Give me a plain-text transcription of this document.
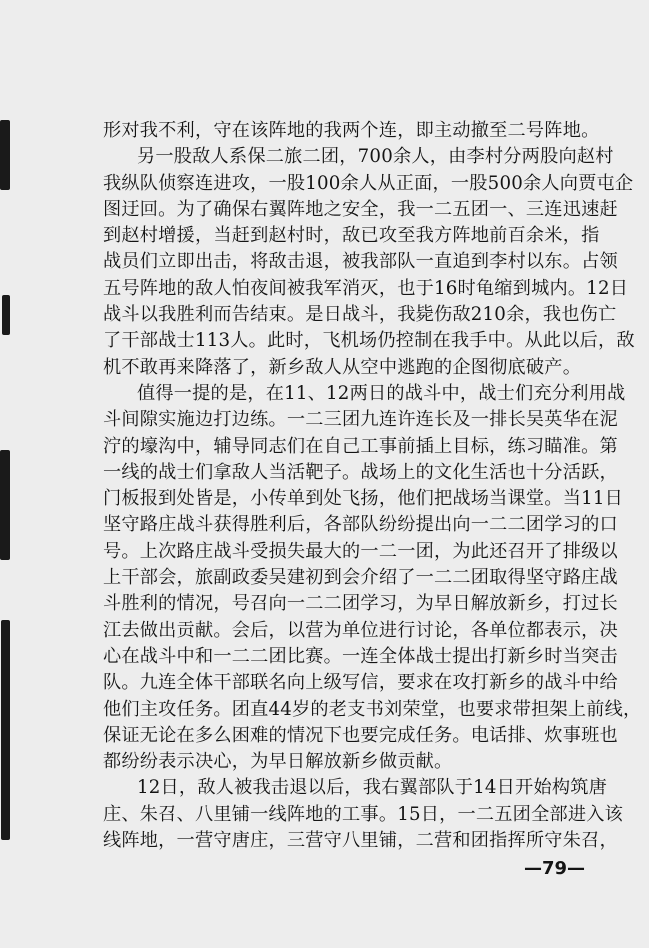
形对我不利，守在该阵地的我两个连，即主动撤至二号阵地。
另一股敌人系保二旅二团，700余人，由李村分两股向赵村
我纵队侦察连进攻，一股100余人从正面，一股500余人向贾屯企
图迂回。为了确保右翼阵地之安全，我一二五团一、三连迅速赶
到赵村增援，当赶到赵村时，敌已攻至我方阵地前百余米，指
战员们立即出击，将敌击退，被我部队一直追到李村以东。占领
五号阵地的敌人怕夜间被我军消灭，也于16时龟缩到城内。12日
战斗以我胜利而告结束。是日战斗，我毙伤敌210余，我也伤亡
了干部战士113人。此时，飞机场仍控制在我手中。从此以后，敌
机不敢再来降落了，新乡敌人从空中逃跑的企图彻底破产。
值得一提的是，在11、12两日的战斗中，战士们充分利用战
斗间隙实施边打边练。一二三团九连许连长及一排长吴英华在泥
泞的壕沟中，辅导同志们在自己工事前插上目标，练习瞄准。第
一线的战士们拿敌人当活靶子。战场上的文化生活也十分活跃，
门板报到处皆是，小传单到处飞扬，他们把战场当课堂。当11日
坚守路庄战斗获得胜利后，各部队纷纷提出向一二二团学习的口
号。上次路庄战斗受损失最大的一二一团，为此还召开了排级以
上干部会，旅副政委吴建初到会介绍了一二二团取得坚守路庄战
斗胜利的情况，号召向一二二团学习，为早日解放新乡，打过长
江去做出贡献。会后，以营为单位进行讨论，各单位都表示，决
心在战斗中和一二二团比赛。一连全体战士提出打新乡时当突击
队。九连全体干部联名向上级写信，要求在攻打新乡的战斗中给
他们主攻任务。团直44岁的老支书刘荣堂，也要求带担架上前线，
保证无论在多么困难的情况下也要完成任务。电话排、炊事班也
都纷纷表示决心，为早日解放新乡做贡献。
12日，敌人被我击退以后，我右翼部队于14日开始构筑唐
庄、朱召、八里铺一线阵地的工事。15日，一二五团全部进入该
线阵地，一营守唐庄，三营守八里铺，二营和团指挥所守朱召，
—79—
